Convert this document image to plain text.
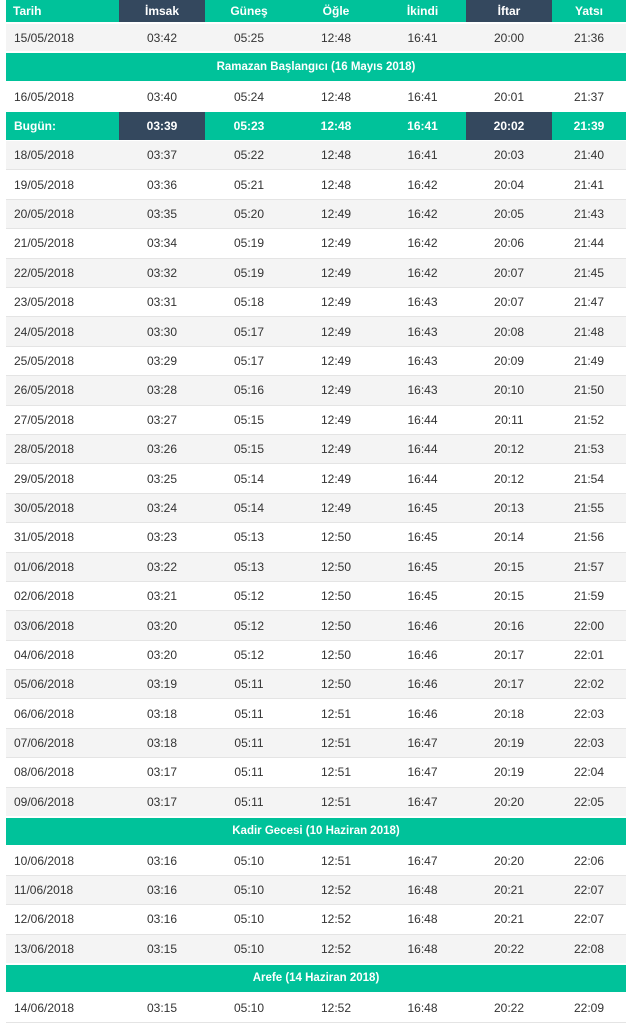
Tarih	İmsak	Güneş	Öğle	İkindi	İftar	Yatsı
15/05/2018	03:42	05:25	12:48	16:41	20:00	21:36
Ramazan Başlangıcı (16 Mayıs 2018)						
16/05/2018	03:40	05:24	12:48	16:41	20:01	21:37
Bugün:	03:39	05:23	12:48	16:41	20:02	21:39
18/05/2018	03:37	05:22	12:48	16:41	20:03	21:40
19/05/2018	03:36	05:21	12:48	16:42	20:04	21:41
20/05/2018	03:35	05:20	12:49	16:42	20:05	21:43
21/05/2018	03:34	05:19	12:49	16:42	20:06	21:44
22/05/2018	03:32	05:19	12:49	16:42	20:07	21:45
23/05/2018	03:31	05:18	12:49	16:43	20:07	21:47
24/05/2018	03:30	05:17	12:49	16:43	20:08	21:48
25/05/2018	03:29	05:17	12:49	16:43	20:09	21:49
26/05/2018	03:28	05:16	12:49	16:43	20:10	21:50
27/05/2018	03:27	05:15	12:49	16:44	20:11	21:52
28/05/2018	03:26	05:15	12:49	16:44	20:12	21:53
29/05/2018	03:25	05:14	12:49	16:44	20:12	21:54
30/05/2018	03:24	05:14	12:49	16:45	20:13	21:55
31/05/2018	03:23	05:13	12:50	16:45	20:14	21:56
01/06/2018	03:22	05:13	12:50	16:45	20:15	21:57
02/06/2018	03:21	05:12	12:50	16:45	20:15	21:59
03/06/2018	03:20	05:12	12:50	16:46	20:16	22:00
04/06/2018	03:20	05:12	12:50	16:46	20:17	22:01
05/06/2018	03:19	05:11	12:50	16:46	20:17	22:02
06/06/2018	03:18	05:11	12:51	16:46	20:18	22:03
07/06/2018	03:18	05:11	12:51	16:47	20:19	22:03
08/06/2018	03:17	05:11	12:51	16:47	20:19	22:04
09/06/2018	03:17	05:11	12:51	16:47	20:20	22:05
Kadir Gecesi (10 Haziran 2018)						
10/06/2018	03:16	05:10	12:51	16:47	20:20	22:06
11/06/2018	03:16	05:10	12:52	16:48	20:21	22:07
12/06/2018	03:16	05:10	12:52	16:48	20:21	22:07
13/06/2018	03:15	05:10	12:52	16:48	20:22	22:08
Arefe (14 Haziran 2018)						
14/06/2018	03:15	05:10	12:52	16:48	20:22	22:09
